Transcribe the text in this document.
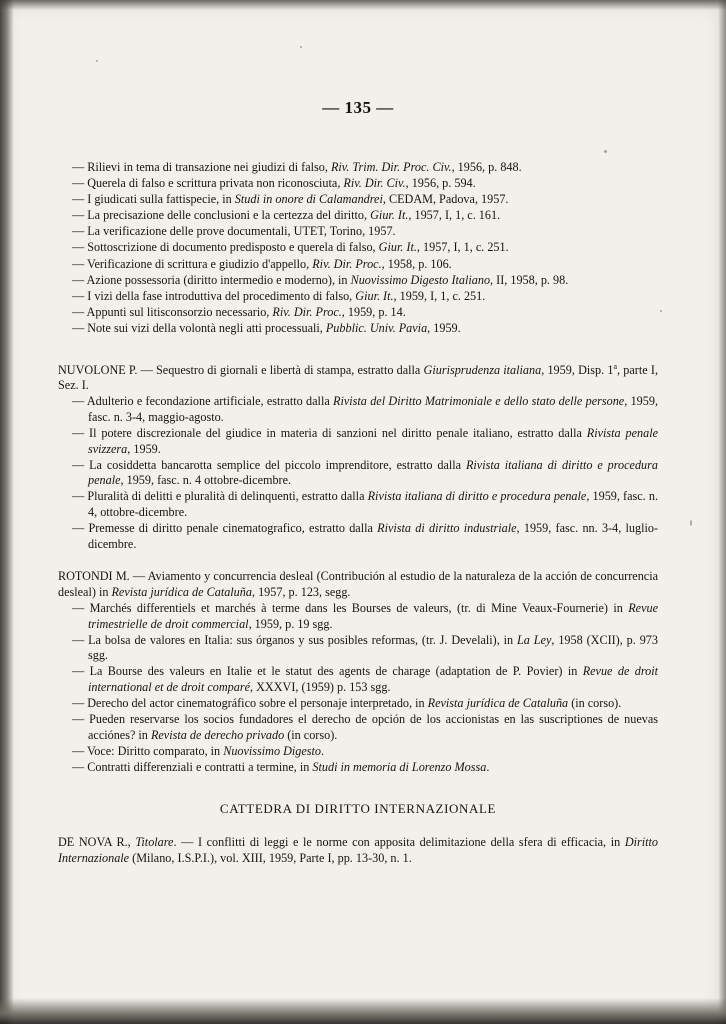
— 135 —

— Rilievi in tema di transazione nei giudizi di falso, Riv. Trim. Dir. Proc. Civ., 1956, p. 848.

— Querela di falso e scrittura privata non riconosciuta, Riv. Dir. Civ., 1956, p. 594.

— I giudicati sulla fattispecie, in Studi in onore di Calamandrei, CEDAM, Padova, 1957.

— La precisazione delle conclusioni e la certezza del diritto, Giur. It., 1957, I, 1, c. 161.

— La verificazione delle prove documentali, UTET, Torino, 1957.

— Sottoscrizione di documento predisposto e querela di falso, Giur. It., 1957, I, 1, c. 251.

— Verificazione di scrittura e giudizio d'appello, Riv. Dir. Proc., 1958, p. 106.

— Azione possessoria (diritto intermedio e moderno), in Nuovissimo Digesto Italiano, II, 1958, p. 98.

— I vizi della fase introduttiva del procedimento di falso, Giur. It., 1959, I, 1, c. 251.

— Appunti sul litisconsorzio necessario, Riv. Dir. Proc., 1959, p. 14.

— Note sui vizi della volontà negli atti processuali, Pubblic. Univ. Pavia, 1959.

NUVOLONE P. — Sequestro di giornali e libertà di stampa, estratto dalla Giurisprudenza italiana, 1959, Disp. 1$^a$, parte I, Sez. I.

— Adulterio e fecondazione artificiale, estratto dalla Rivista del Diritto Matrimoniale e dello stato delle persone, 1959, fasc. n. 3-4, maggio-agosto.

— Il potere discrezionale del giudice in materia di sanzioni nel diritto penale italiano, estratto dalla Rivista penale svizzera, 1959.

— La cosiddetta bancarotta semplice del piccolo imprenditore, estratto dalla Rivista italiana di diritto e procedura penale, 1959, fasc. n. 4 ottobre-dicembre.

— Pluralità di delitti e pluralità di delinquenti, estratto dalla Rivista italiana di diritto e procedura penale, 1959, fasc. n. 4, ottobre-dicembre.

— Premesse di diritto penale cinematografico, estratto dalla Rivista di diritto industriale, 1959, fasc. nn. 3-4, luglio-dicembre.

ROTONDI M. — Aviamento y concurrencia desleal (Contribución al estudio de la naturaleza de la acción de concurrencia desleal) in Revista jurídica de Cataluña, 1957, p. 123, segg.

— Marchés differentiels et marchés à terme dans les Bourses de valeurs, (tr. di Mine Veaux-Fournerie) in Revue trimestrielle de droit commercial, 1959, p. 19 sgg.

— La bolsa de valores en Italia: sus órganos y sus posibles reformas, (tr. J. Develali), in La Ley, 1958 (XCII), p. 973 sgg.

— La Bourse des valeurs en Italie et le statut des agents de charage (adaptation de P. Povier) in Revue de droit international et de droit comparé, XXXVI, (1959) p. 153 sgg.

— Derecho del actor cinematográfico sobre el personaje interpretado, in Revista jurídica de Cataluña (in corso).

— Pueden reservarse los socios fundadores el derecho de opción de los accionistas en las suscriptiones de nuevas acciónes? in Revista de derecho privado (in corso).

— Voce: Diritto comparato, in Nuovissimo Digesto.

— Contratti differenziali e contratti a termine, in Studi in memoria di Lorenzo Mossa.

CATTEDRA DI DIRITTO INTERNAZIONALE

DE NOVA R., Titolare. — I conflitti di leggi e le norme con apposita delimitazione della sfera di efficacia, in Diritto Internazionale (Milano, I.S.P.I.), vol. XIII, 1959, Parte I, pp. 13-30, n. 1.
